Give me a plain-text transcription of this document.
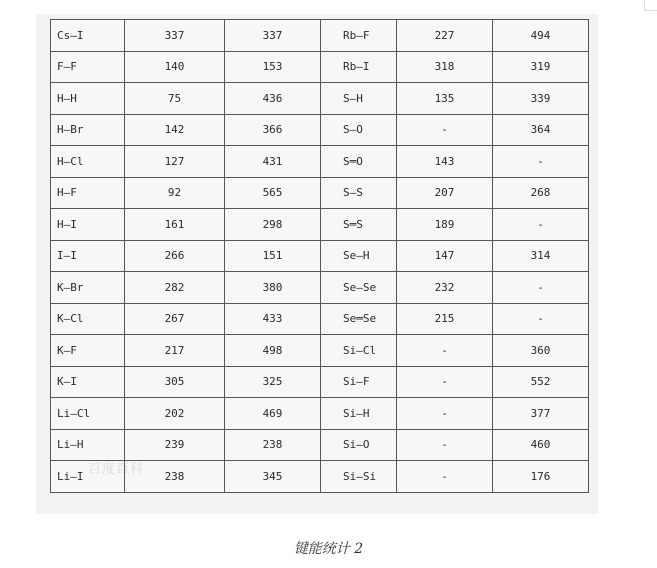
Cs—I	337	337	Rb—F	227	494
F—F	140	153	Rb—I	318	319
H—H	75	436	S—H	135	339
H—Br	142	366	S—O	-	364
H—Cl	127	431	S═O	143	-
H—F	92	565	S—S	207	268
H—I	161	298	S═S	189	-
I—I	266	151	Se—H	147	314
K—Br	282	380	Se—Se	232	-
K—Cl	267	433	Se═Se	215	-
K—F	217	498	Si—Cl	-	360
K—I	305	325	Si—F	-	552
Li—Cl	202	469	Si—H	-	377
Li—H	239	238	Si—O	-	460
Li—I	238	345	Si—Si	-	176
百度百科
键能统计 2
